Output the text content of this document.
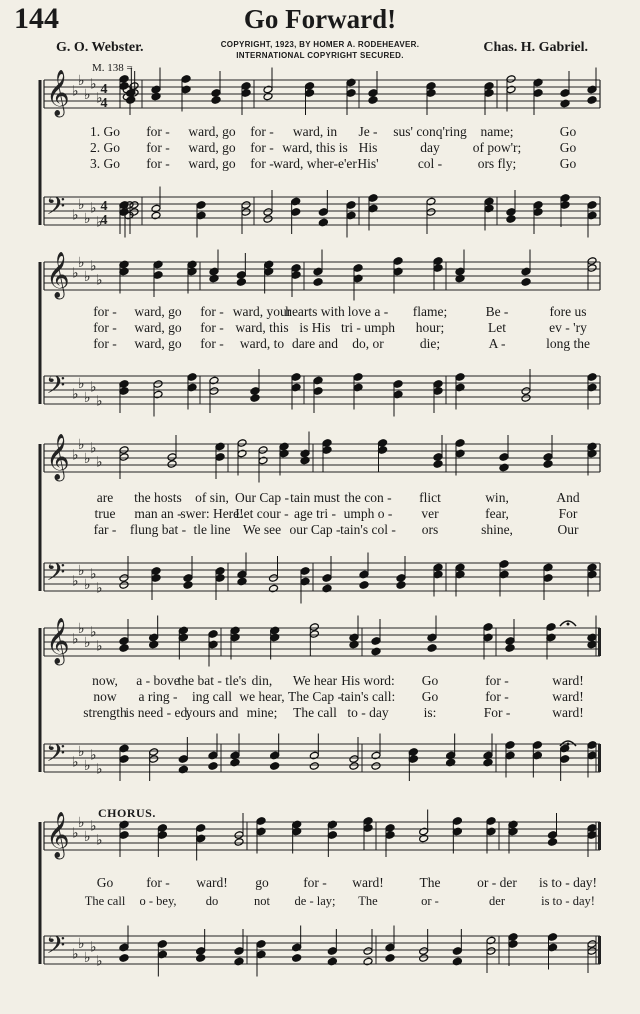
144	Go Forward!
G. O. Webster.	Chas. H. Gabriel.
COPYRIGHT, 1923, BY HOMER A. RODEHEAVER.
INTERNATIONAL COPYRIGHT SECURED.
M. 138 =
CHORUS.
𝄞
𝄢
♭
♭
♭
♭
♭
♭
♭
♭
♭
♭
4
4
4
4
𝄞
𝄢
♭
♭
♭
♭
♭
♭
♭
♭
♭
♭
𝄞
𝄢
♭
♭
♭
♭
♭
♭
♭
♭
♭
♭
𝄞
𝄢
♭
♭
♭
♭
♭
♭
♭
♭
♭
♭
𝄞
𝄢
♭
♭
♭
♭
♭
♭
♭
♭
♭
♭
1. Go for - ward, go for - ward, in Je - sus' conq'ring name;	Go
2. Go for - ward, go for - ward, this is His	day of pow'r;	Go
3. Go for - ward, go for - ward, wher-e'er His'	col -	ors fly;	Go
for - ward, go for - ward, your
hearts with love a - flame;	Be -	fore us
for - ward, go for - ward, this is His tri - umph hour;	Let	ev - 'ry
for - ward, go for - ward, to dare and do, or	die;	A -	long the
are the hosts of sin, Our Cap - tain must the con - flict	win,	And
true man an -
swer: Here!
Let cour - age tri - umph o - ver	fear,	For
far - flung bat - tle line We see our Cap - tain's col - ors	shine,	Our
now, a - bove
the bat - tle's din, We hear His word: Go	for -	ward!
now a ring - ing call we hear, The Cap -
tain's call: Go	for -	ward!
strength
is need - ed,
yours and mine; The call to - day	is:	For -	ward!
Go for - ward! go	for - ward!	The	or - der is to - day!
The call o - bey, do	not de - lay; The	or -	der	is to - day!
